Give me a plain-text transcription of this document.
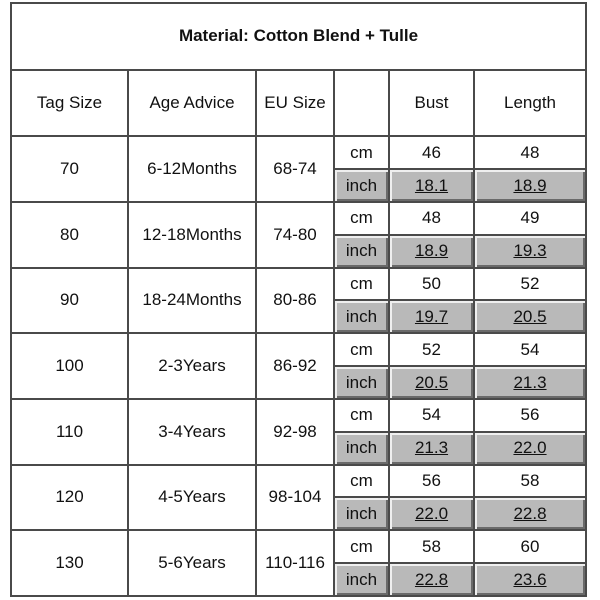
Material: Cotton Blend + Tulle					
Tag Size	Age Advice	EU Size		Bust	Length
70	6-12Months	68-74	cm	46	48
			inch	18.1	18.9
80	12-18Months	74-80	cm	48	49
			inch	18.9	19.3
90	18-24Months	80-86	cm	50	52
			inch	19.7	20.5
100	2-3Years	86-92	cm	52	54
			inch	20.5	21.3
110	3-4Years	92-98	cm	54	56
			inch	21.3	22.0
120	4-5Years	98-104	cm	56	58
			inch	22.0	22.8
130	5-6Years	110-116	cm	58	60
			inch	22.8	23.6
